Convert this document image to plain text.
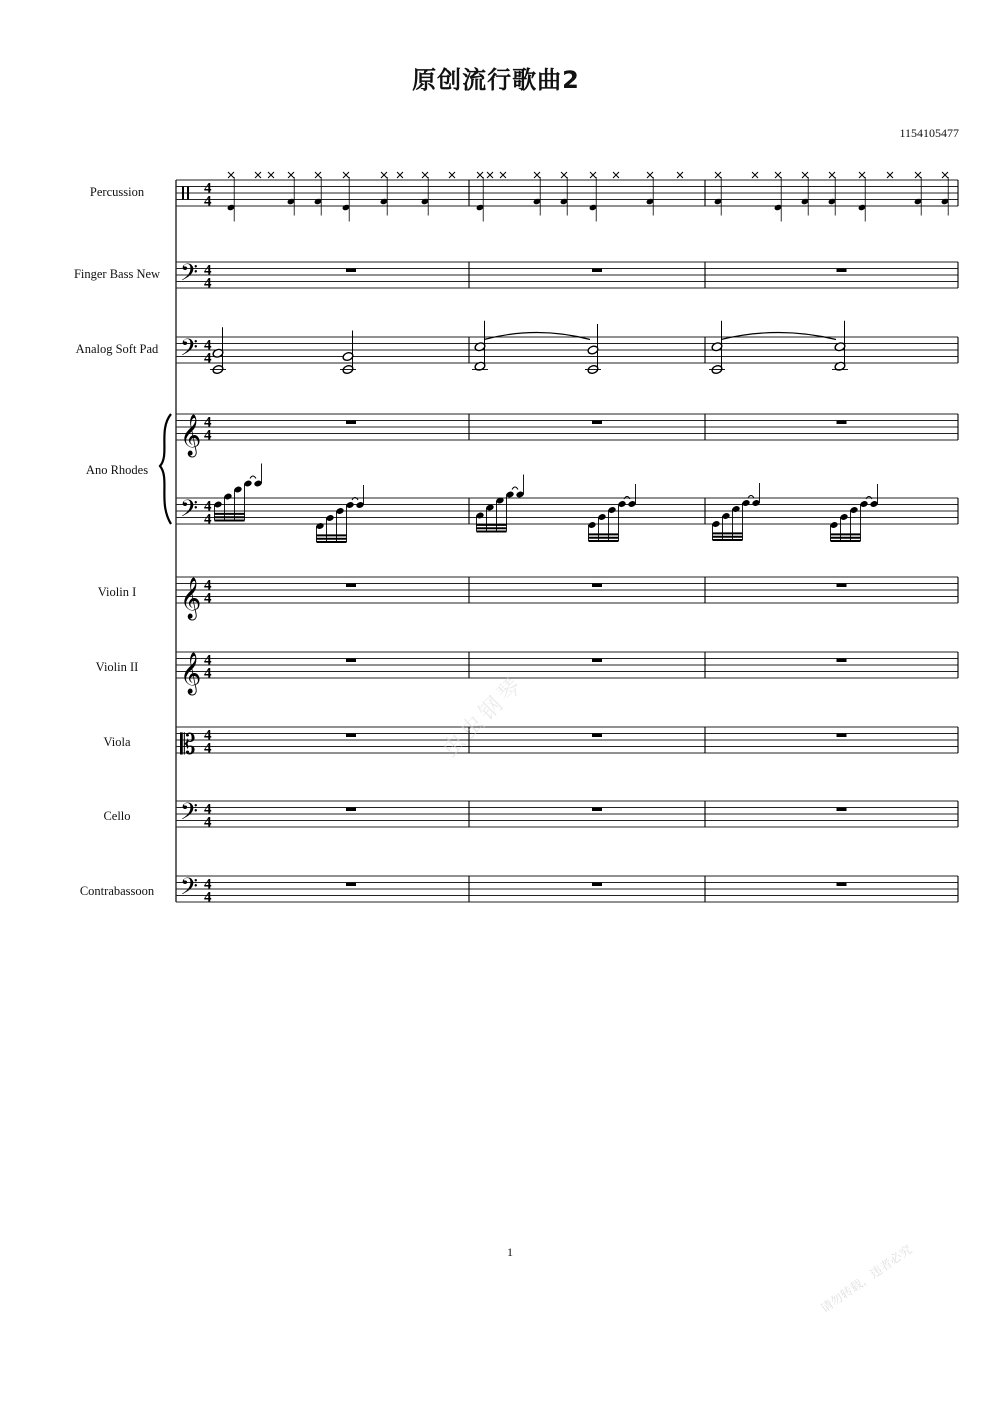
原创流行歌曲2
1154105477
Percussion
Finger Bass New
Analog Soft Pad
Ano Rhodes
Violin I
Violin II
Viola
Cello
Contrabassoon
4
4
𝄢 4
4
𝄢 4
4
𝄞 4
4
𝄢 4
4
𝄞 4
4
𝄞 4
4
𝄡 4
4
𝄢 4
4
𝄢 4
4
虫虫钢琴
请勿转载，违者必究
1
